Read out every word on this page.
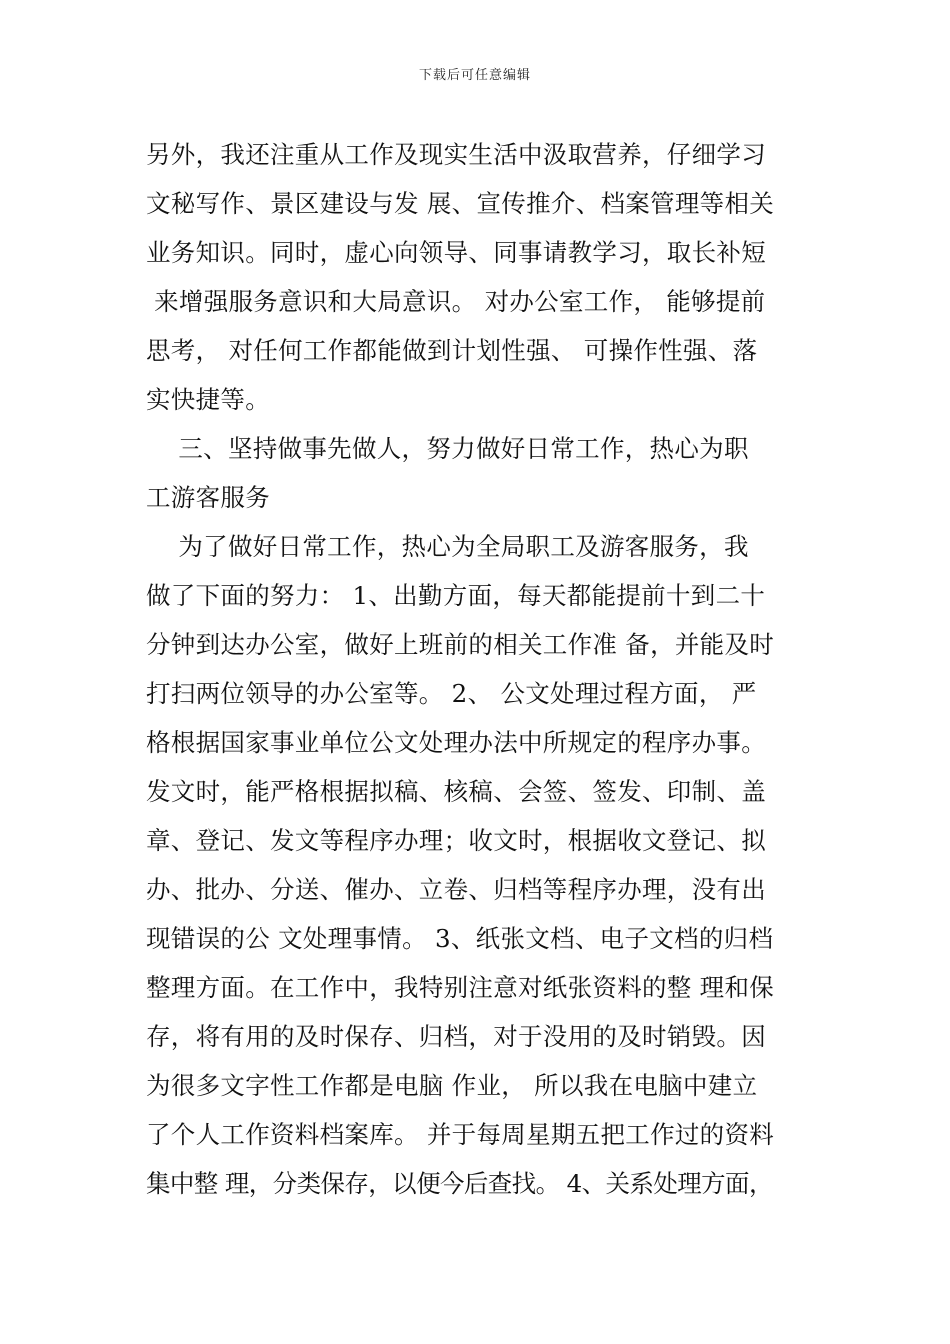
下载后可任意编辑
另外，我还注重从工作及现实生活中汲取营养，仔细学习
文秘写作、景区建设与发 展、宣传推介、档案管理等相关
业务知识。同时，虚心向领导、同事请教学习，取长补短
来增强服务意识和大局意识。 对办公室工作， 能够提前
思考， 对任何工作都能做到计划性强、 可操作性强、落
实快捷等。
三、坚持做事先做人，努力做好日常工作，热心为职
工游客服务
为了做好日常工作，热心为全局职工及游客服务，我
做了下面的努力： 1、出勤方面，每天都能提前十到二十
分钟到达办公室，做好上班前的相关工作准 备，并能及时
打扫两位领导的办公室等。 2、 公文处理过程方面， 严
格根据国家事业单位公文处理办法中所规定的程序办事。
发文时，能严格根据拟稿、核稿、会签、签发、印制、盖
章、登记、发文等程序办理；收文时，根据收文登记、拟
办、批办、分送、催办、立卷、归档等程序办理，没有出
现错误的公 文处理事情。 3、纸张文档、电子文档的归档
整理方面。在工作中，我特别注意对纸张资料的整 理和保
存，将有用的及时保存、归档，对于没用的及时销毁。因
为很多文字性工作都是电脑 作业， 所以我在电脑中建立
了个人工作资料档案库。 并于每周星期五把工作过的资料
集中整 理，分类保存，以便今后查找。 4、关系处理方面，
